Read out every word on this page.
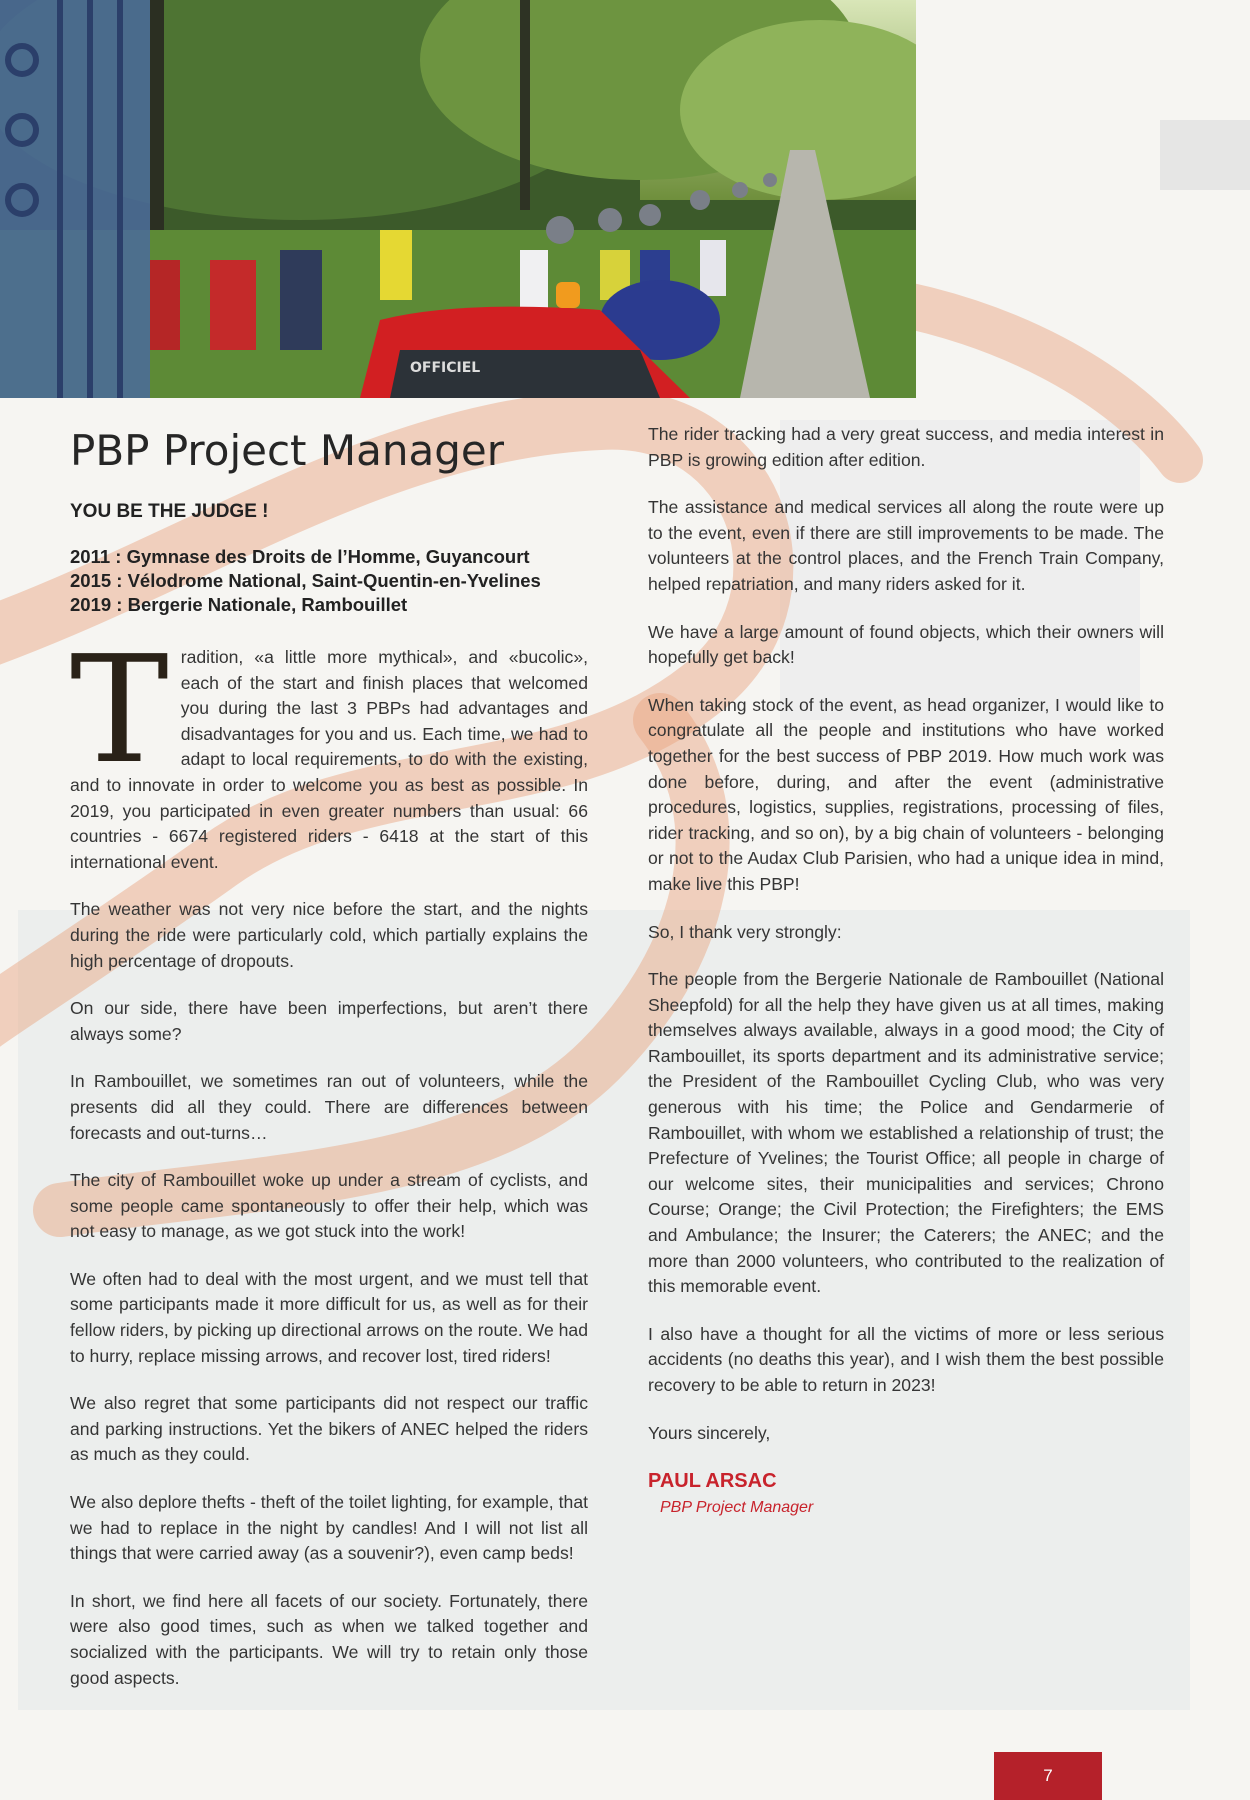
OFFICIEL
PBP Project Manager
YOU BE THE JUDGE !
2011 : Gymnase des Droits de l’Homme, Guyancourt
2015 : Vélodrome National, Saint-Quentin-en-Yvelines
2019 : Bergerie Nationale, Rambouillet

Tradition, «a little more mythical», and «bucolic», each of the start and finish places that welcomed you during the last 3 PBPs had advantages and disadvantages for you and us. Each time, we had to adapt to local requirements, to do with the existing, and to innovate in order to welcome you as best as possible. In 2019, you participated in even greater numbers than usual: 66 countries - 6674 registered riders - 6418 at the start of this international event.

The weather was not very nice before the start, and the nights during the ride were particularly cold, which partially explains the high percentage of dropouts.

On our side, there have been imperfections, but aren’t there always some?

In Rambouillet, we sometimes ran out of volunteers, while the presents did all they could. There are differences between forecasts and out-turns…

The city of Rambouillet woke up under a stream of cyclists, and some people came spontaneously to offer their help, which was not easy to manage, as we got stuck into the work!

We often had to deal with the most urgent, and we must tell that some participants made it more difficult for us, as well as for their fellow riders, by picking up directional arrows on the route. We had to hurry, replace missing arrows, and recover lost, tired riders!

We also regret that some participants did not respect our traffic and parking instructions. Yet the bikers of ANEC helped the riders as much as they could.

We also deplore thefts - theft of the toilet lighting, for example, that we had to replace in the night by candles! And I will not list all things that were carried away (as a souvenir?), even camp beds!

In short, we find here all facets of our society. Fortunately, there were also good times, such as when we talked together and socialized with the participants. We will try to retain only those good aspects.

The rider tracking had a very great success, and media interest in PBP is growing edition after edition.

The assistance and medical services all along the route were up to the event, even if there are still improvements to be made. The volunteers at the control places, and the French Train Company, helped repatriation, and many riders asked for it.

We have a large amount of found objects, which their owners will hopefully get back!

When taking stock of the event, as head organizer, I would like to congratulate all the people and institutions who have worked together for the best success of PBP 2019. How much work was done before, during, and after the event (administrative procedures, logistics, supplies, registrations, processing of files, rider tracking, and so on), by a big chain of volunteers - belonging or not to the Audax Club Parisien, who had a unique idea in mind, make live this PBP!

So, I thank very strongly:

The people from the Bergerie Nationale de Rambouillet (National Sheepfold) for all the help they have given us at all times, making themselves always available, always in a good mood; the City of Rambouillet, its sports department and its administrative service; the President of the Rambouillet Cycling Club, who was very generous with his time; the Police and Gendarmerie of Rambouillet, with whom we established a relationship of trust; the Prefecture of Yvelines; the Tourist Office; all people in charge of our welcome sites, their municipalities and services; Chrono Course; Orange; the Civil Protection; the Firefighters; the EMS and Ambulance; the Insurer; the Caterers; the ANEC; and the more than 2000 volunteers, who contributed to the realization of this memorable event.

I also have a thought for all the victims of more or less serious accidents (no deaths this year), and I wish them the best possible recovery to be able to return in 2023!

Yours sincerely,

PAUL ARSAC
PBP Project Manager
7
